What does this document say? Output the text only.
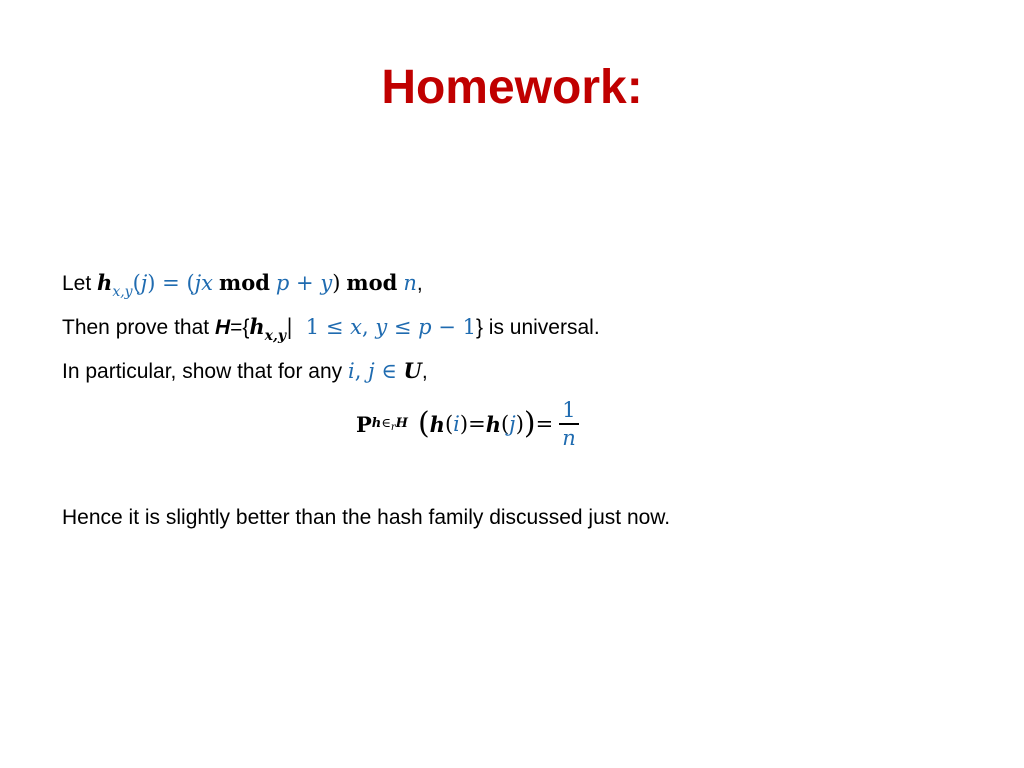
Homework:
Let $h_{x,y}(j) = (jx$ mod p + y) mod n,
Then prove that $H=\{h_{x,y}|$ 1 ≤ x, y ≤ p − 1} is universal.
In particular, show that for any i, j ∈ U,
P $h\in_rH$ ( h ( i ) = h ( j ) ) = $\frac{1}{n}$
Hence it is slightly better than the hash family discussed just now.
